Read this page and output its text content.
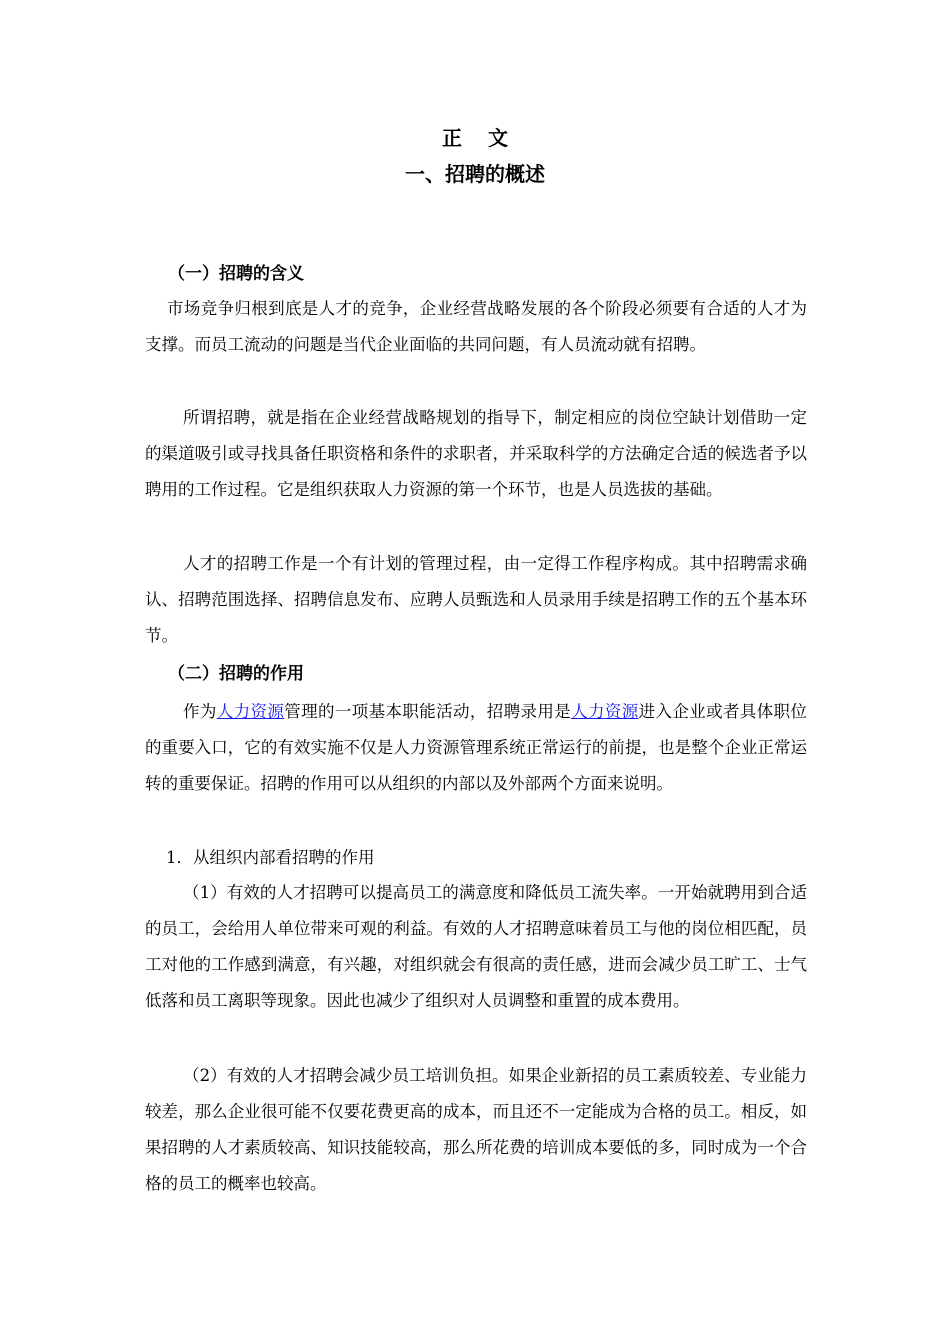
正文
一、招聘的概述
（一）招聘的含义

市场竞争归根到底是人才的竞争，企业经营战略发展的各个阶段必须要有合适的人才为支撑。而员工流动的问题是当代企业面临的共同问题，有人员流动就有招聘。

所谓招聘，就是指在企业经营战略规划的指导下，制定相应的岗位空缺计划借助一定的渠道吸引或寻找具备任职资格和条件的求职者，并采取科学的方法确定合适的候选者予以聘用的工作过程。它是组织获取人力资源的第一个环节，也是人员选拔的基础。

人才的招聘工作是一个有计划的管理过程，由一定得工作程序构成。其中招聘需求确认、招聘范围选择、招聘信息发布、应聘人员甄选和人员录用手续是招聘工作的五个基本环节。

（二）招聘的作用

作为人力资源管理的一项基本职能活动，招聘录用是人力资源进入企业或者具体职位的重要入口，它的有效实施不仅是人力资源管理系统正常运行的前提，也是整个企业正常运转的重要保证。招聘的作用可以从组织的内部以及外部两个方面来说明。

1．从组织内部看招聘的作用

（1）有效的人才招聘可以提高员工的满意度和降低员工流失率。一开始就聘用到合适的员工，会给用人单位带来可观的利益。有效的人才招聘意味着员工与他的岗位相匹配，员工对他的工作感到满意，有兴趣，对组织就会有很高的责任感，进而会减少员工旷工、士气低落和员工离职等现象。因此也减少了组织对人员调整和重置的成本费用。

（2）有效的人才招聘会减少员工培训负担。如果企业新招的员工素质较差、专业能力较差，那么企业很可能不仅要花费更高的成本，而且还不一定能成为合格的员工。相反，如果招聘的人才素质较高、知识技能较高，那么所花费的培训成本要低的多，同时成为一个合格的员工的概率也较高。
